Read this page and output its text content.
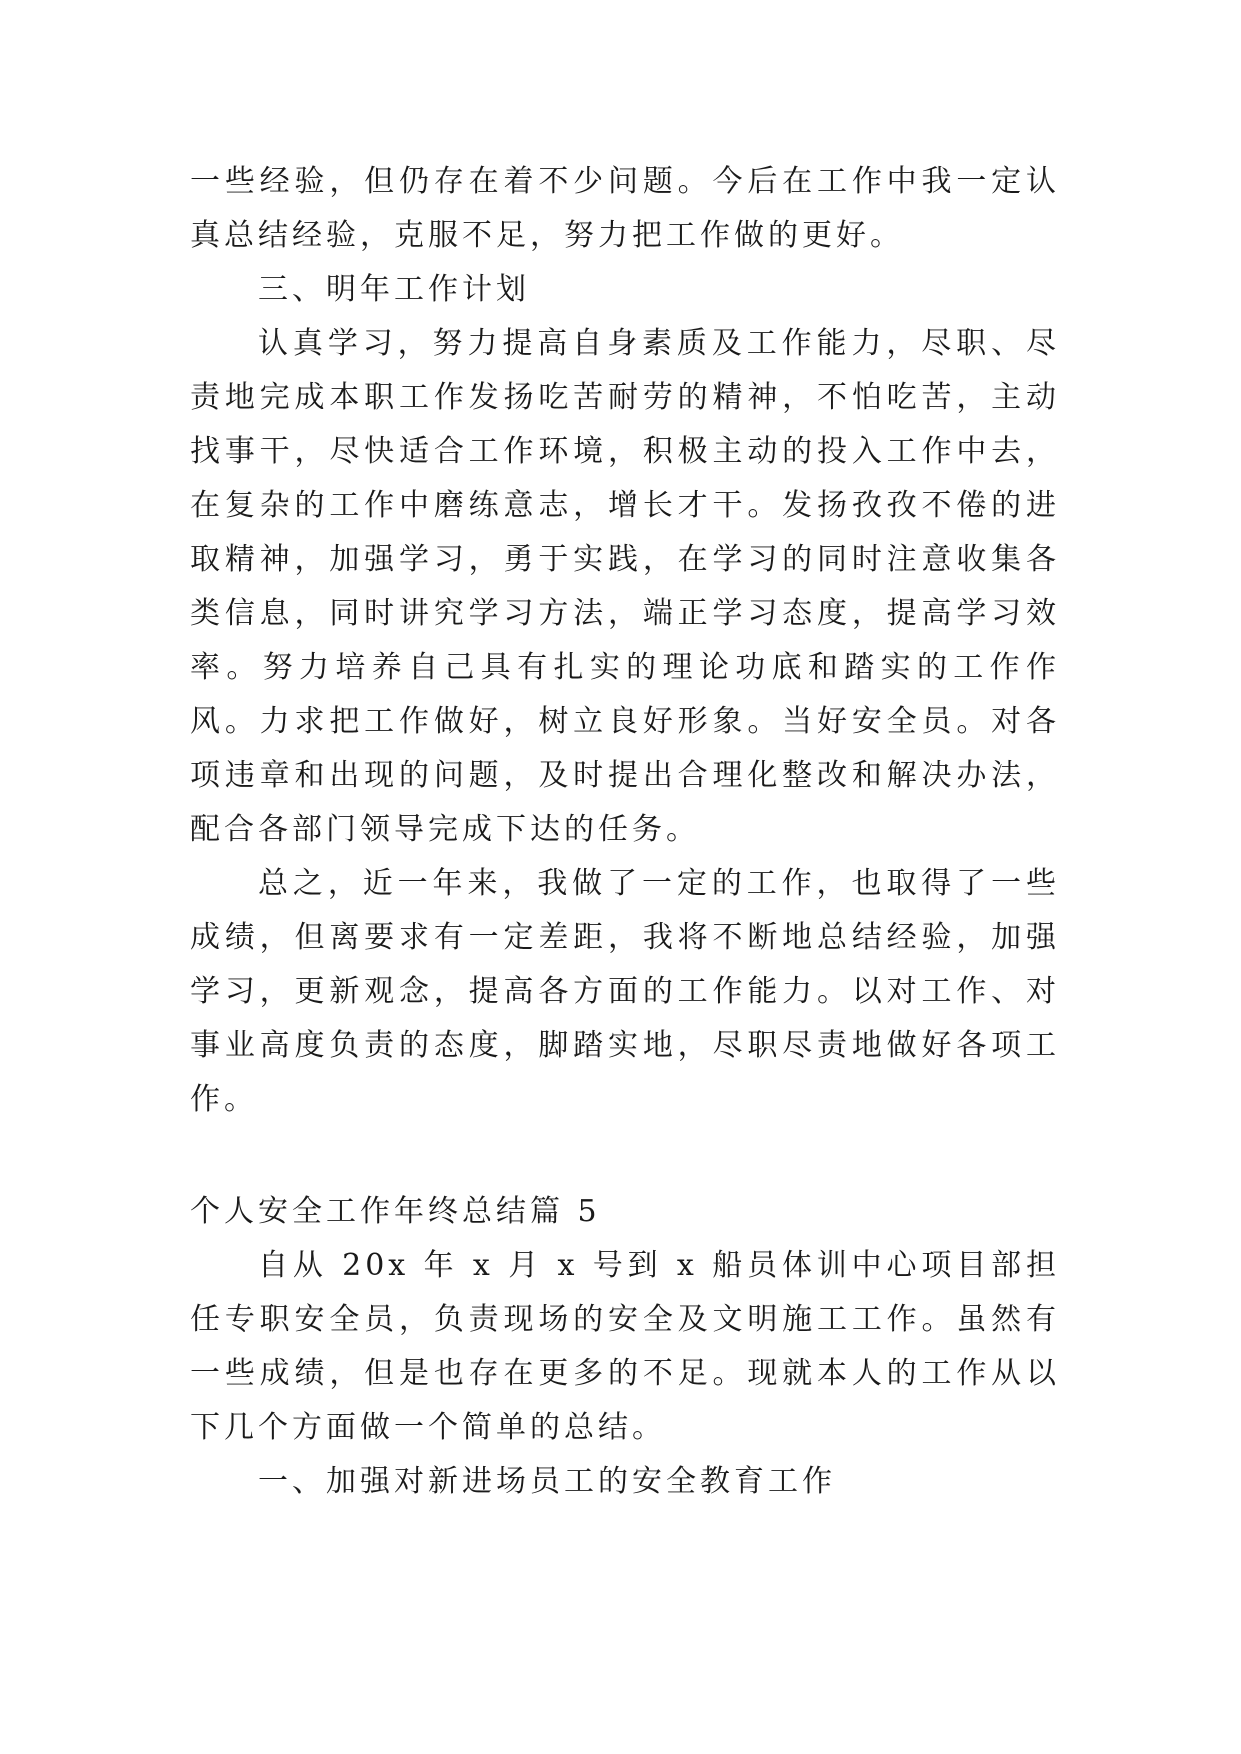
一些经验，但仍存在着不少问题。今后在工作中我一定认真总结经验，克服不足，努力把工作做的更好。

三、明年工作计划

认真学习，努力提高自身素质及工作能力，尽职、尽责地完成本职工作发扬吃苦耐劳的精神，不怕吃苦，主动找事干，尽快适合工作环境，积极主动的投入工作中去，在复杂的工作中磨练意志，增长才干。发扬孜孜不倦的进取精神，加强学习，勇于实践，在学习的同时注意收集各类信息，同时讲究学习方法，端正学习态度，提高学习效率。努力培养自己具有扎实的理论功底和踏实的工作作风。力求把工作做好，树立良好形象。当好安全员。对各项违章和出现的问题，及时提出合理化整改和解决办法，配合各部门领导完成下达的任务。

总之，近一年来，我做了一定的工作，也取得了一些成绩，但离要求有一定差距，我将不断地总结经验，加强学习，更新观念，提高各方面的工作能力。以对工作、对事业高度负责的态度，脚踏实地，尽职尽责地做好各项工作。

个人安全工作年终总结篇 5

自从 20x 年 x 月 x 号到 x 船员体训中心项目部担任专职安全员，负责现场的安全及文明施工工作。虽然有一些成绩，但是也存在更多的不足。现就本人的工作从以下几个方面做一个简单的总结。

一、加强对新进场员工的安全教育工作
